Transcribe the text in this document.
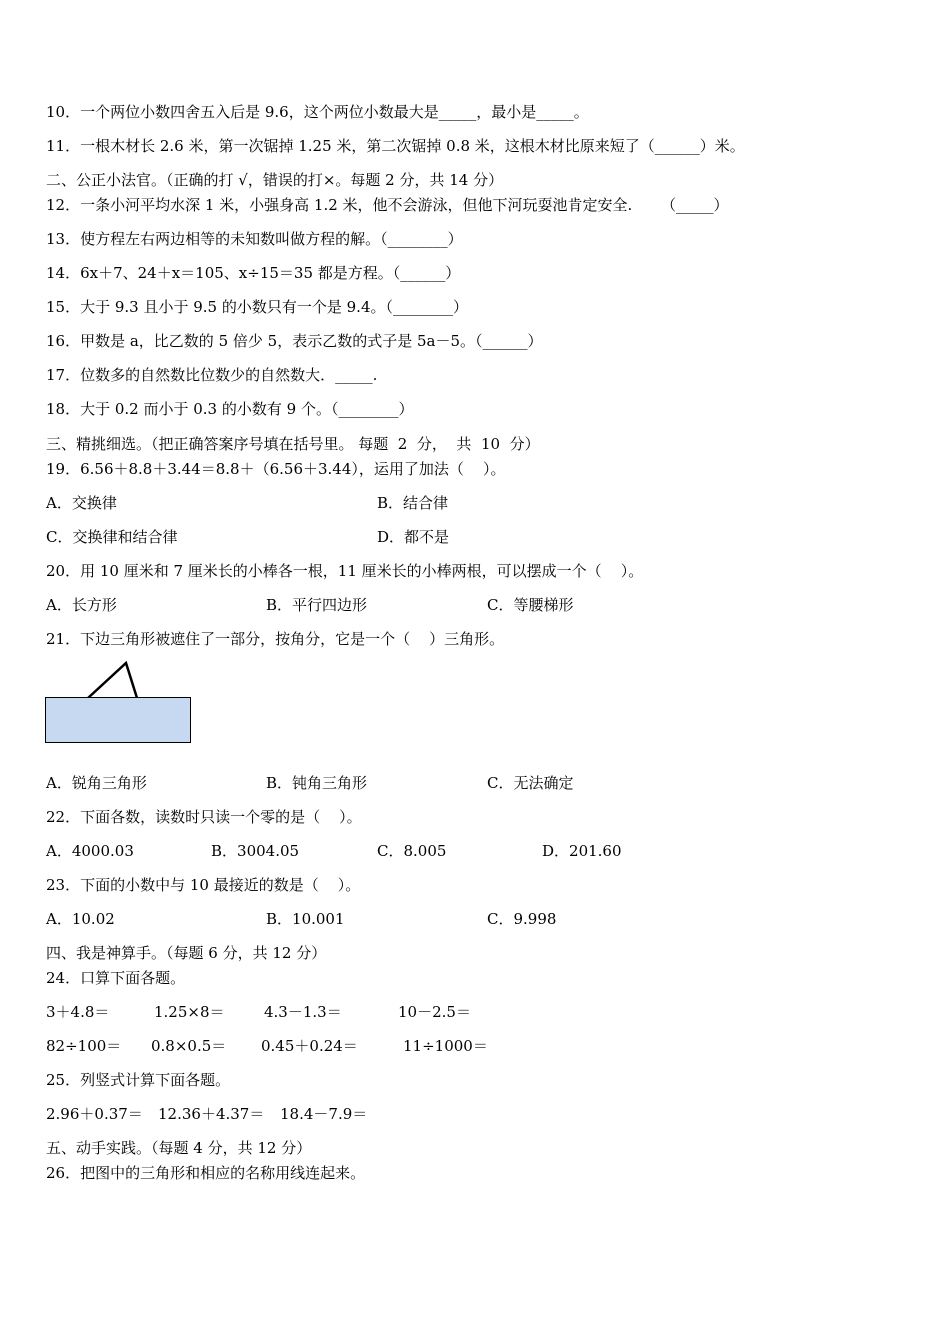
10．一个两位小数四舍五入后是 9.6，这个两位小数最大是_____，最小是_____。
11．一根木材长 2.6 米，第一次锯掉 1.25 米，第二次锯掉 0.8 米，这根木材比原来短了（______）米。
二、公正小法官。（正确的打 √，错误的打×。每题 2 分，共 14 分）
12．一条小河平均水深 1 米，小强身高 1.2 米，他不会游泳，但他下河玩耍池肯定安全.      （_____）
13．使方程左右两边相等的未知数叫做方程的解。（________）
14．6x＋7、24＋x＝105、x÷15＝35 都是方程。（______）
15．大于 9.3 且小于 9.5 的小数只有一个是 9.4。（________）
16．甲数是 a，比乙数的 5 倍少 5，表示乙数的式子是 5a－5。（______）
17．位数多的自然数比位数少的自然数大．_____.
18．大于 0.2 而小于 0.3 的小数有 9 个。（________）
三、精挑细选。（把正确答案序号填在括号里。 每题  2  分，  共  10  分）
19．6.56＋8.8＋3.44＝8.8＋（6.56＋3.44），运用了加法（    ）。
A．交换律	B．结合律
C．交换律和结合律	D．都不是
20．用 10 厘米和 7 厘米长的小棒各一根，11 厘米长的小棒两根，可以摆成一个（    ）。
A．长方形	B．平行四边形	C．等腰梯形
21．下边三角形被遮住了一部分，按角分，它是一个（    ）三角形。
A．锐角三角形	B．钝角三角形	C．无法确定
22．下面各数，读数时只读一个零的是（    ）。
A．4000.03	B．3004.05	C．8.005	D．201.60
23．下面的小数中与 10 最接近的数是（    ）。
A．10.02	B．10.001	C．9.998
四、我是神算手。（每题 6 分，共 12 分）
24．口算下面各题。
3＋4.8＝	1.25×8＝	4.3－1.3＝	10－2.5＝
82÷100＝ 0.8×0.5＝ 0.45＋0.24＝	11÷1000＝
25．列竖式计算下面各题。
2.96＋0.37＝ 12.36＋4.37＝ 18.4－7.9＝
五、动手实践。（每题 4 分，共 12 分）
26．把图中的三角形和相应的名称用线连起来。
